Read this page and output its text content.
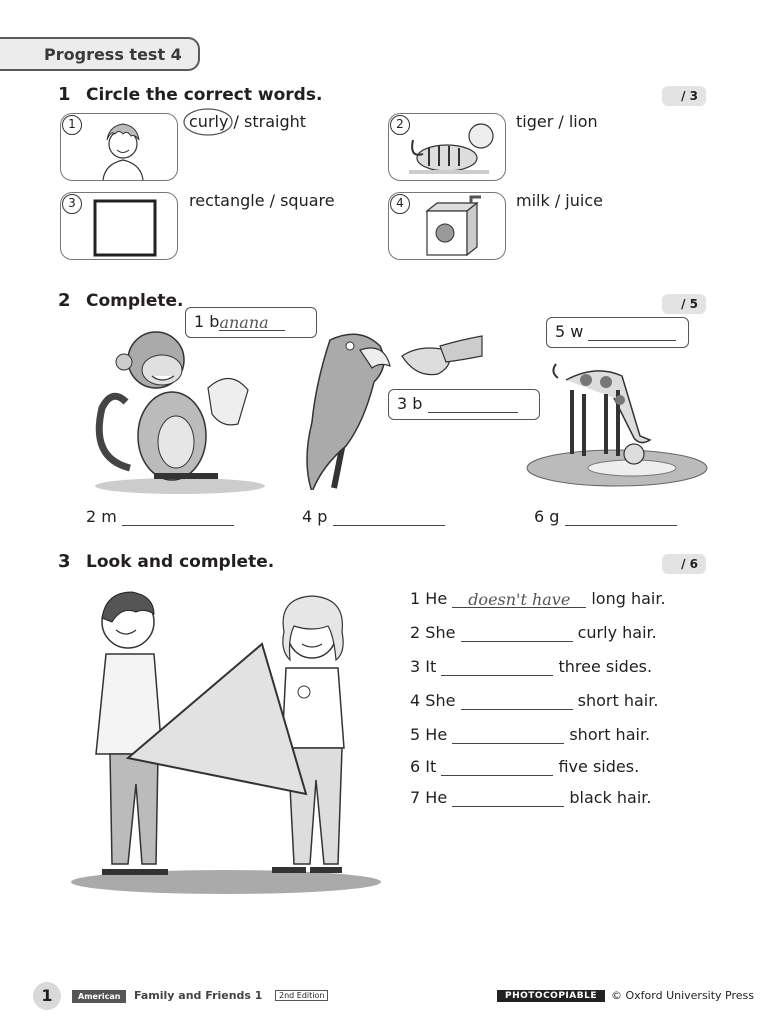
Progress test 4
1 Circle the correct words.	/ 3
1	curly
/ straight	2	tiger / lion
3	rectangle / square	4	milk / juice
2 Complete.	/ 5
1 banana
3 b
5 w
2 m	4 p	6 g
3 Look and complete.	/ 6
1 He doesn't have long hair.
2 She	curly hair.
3 It	three sides.
4 She	short hair.
5 He	short hair.
6 It	five sides.
7 He	black hair.
1	American	Family and Friends 1	2nd Edition	PHOTOCOPIABLE	© Oxford University Press
